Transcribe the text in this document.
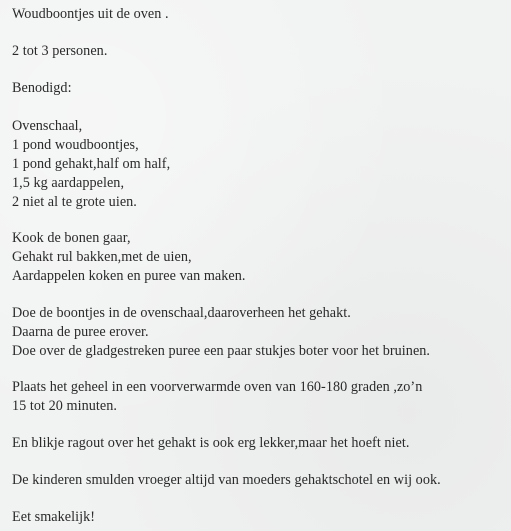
Woudboontjes uit de oven .
2 tot 3 personen.
Benodigd:
Ovenschaal,
1 pond woudboontjes,
1 pond gehakt,half om half,
1,5 kg aardappelen,
2 niet al te grote uien.
Kook de bonen gaar,
Gehakt rul bakken,met de uien,
Aardappelen koken en puree van maken.
Doe de boontjes in de ovenschaal,daaroverheen het gehakt.
Daarna de puree erover.
Doe over de gladgestreken puree een paar stukjes boter voor het bruinen.
Plaats het geheel in een voorverwarmde oven van 160-180 graden ,zo’n
15 tot 20 minuten.
En blikje ragout over het gehakt is ook erg lekker,maar het hoeft niet.
De kinderen smulden vroeger altijd van moeders gehaktschotel en wij ook.
Eet smakelijk!
